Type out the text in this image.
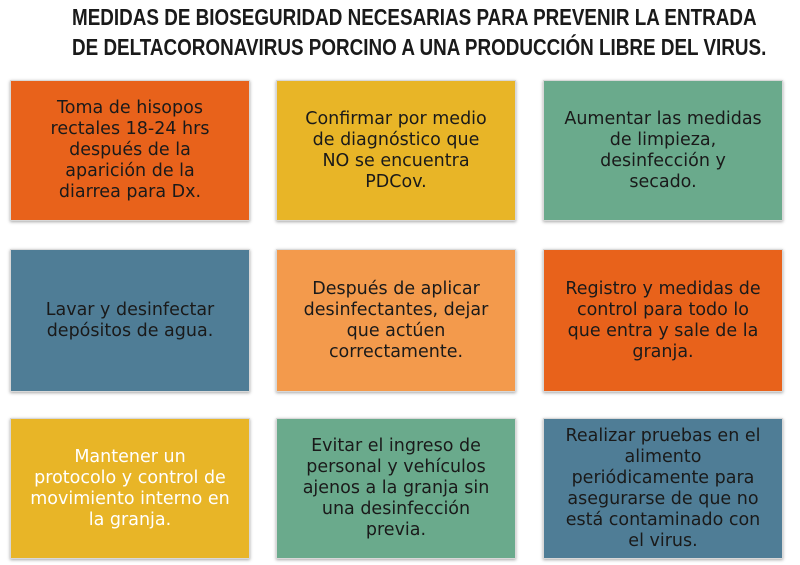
MEDIDAS DE BIOSEGURIDAD NECESARIAS PARA PREVENIR LA ENTRADA
DE DELTACORONAVIRUS PORCINO A UNA PRODUCCIÓN LIBRE DEL VIRUS.
Toma de hisopos
rectales 18-24 hrs
después de la
aparición de la
diarrea para Dx.
Confirmar por medio
de diagnóstico que
NO se encuentra
PDCov.
Aumentar las medidas
de limpieza,
desinfección y
secado.
Lavar y desinfectar
depósitos de agua.
Después de aplicar
desinfectantes, dejar
que actúen
correctamente.
Registro y medidas de
control para todo lo
que entra y sale de la
granja.
Mantener un
protocolo y control de
movimiento interno en
la granja.
Evitar el ingreso de
personal y vehículos
ajenos a la granja sin
una desinfección
previa.
Realizar pruebas en el
alimento
periódicamente para
asegurarse de que no
está contaminado con
el virus.
